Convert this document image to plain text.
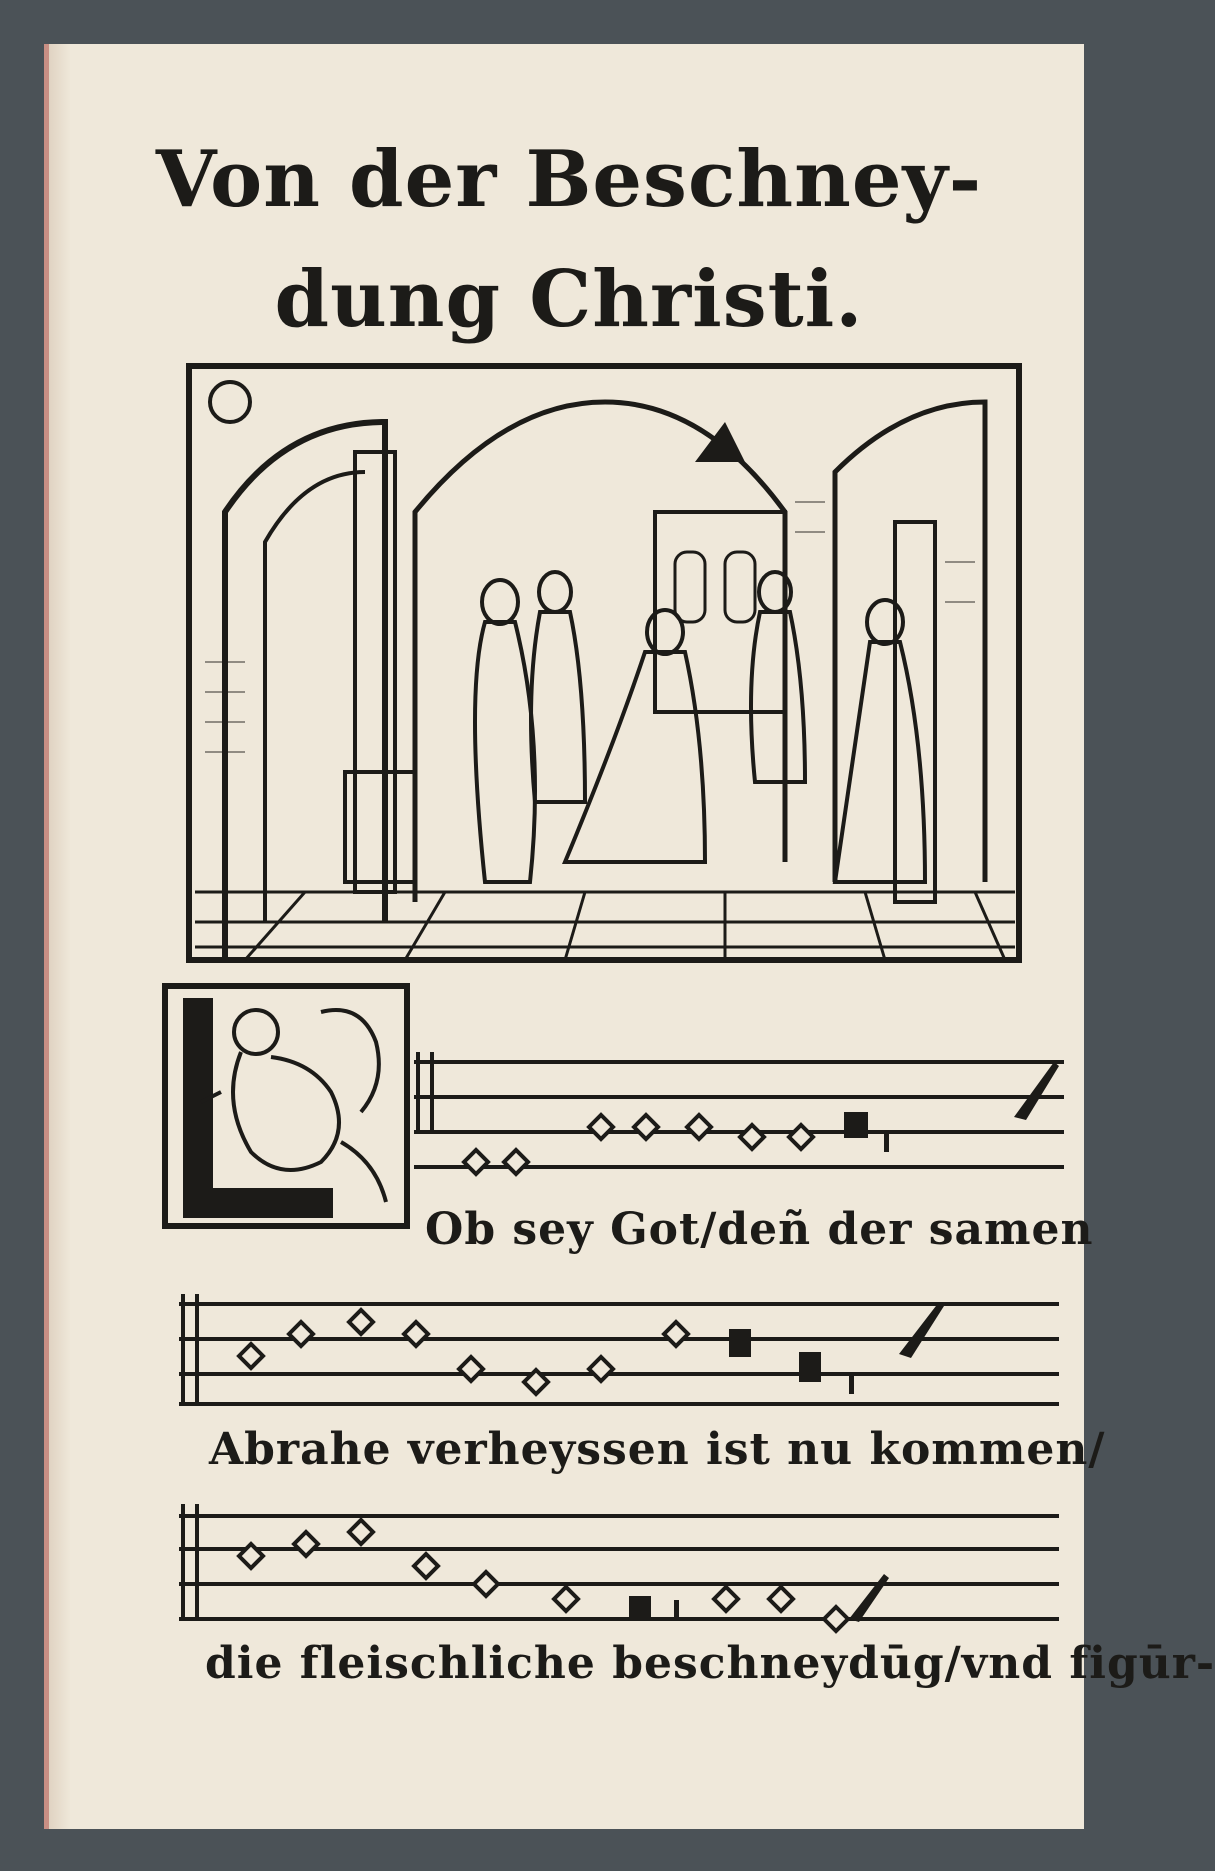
Von der Beschney-
dung Christi.
Ob sey Got/deñ der samen
Abrahe verheyssen ist nu kommen/
die fleischliche beschneydūg/vnd figūr-
